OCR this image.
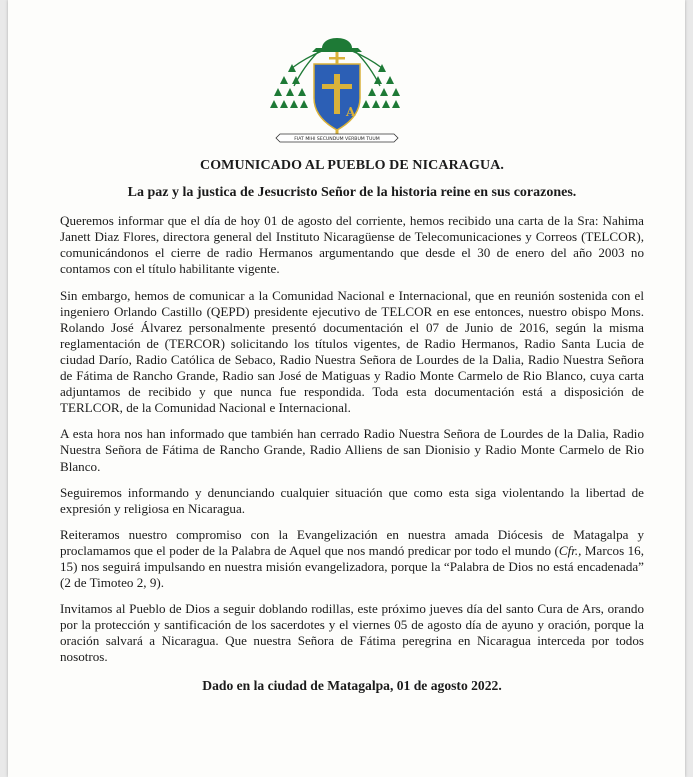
A
FIAT MIHI SECUNDUM VERBUM TUUM
COMUNICADO AL PUEBLO DE NICARAGUA.
La paz y la justica de Jesucristo Señor de la historia reine en sus corazones.

Queremos informar que el día de hoy 01 de agosto del corriente, hemos recibido una carta de la Sra: Nahima Janett Diaz Flores, directora general del Instituto Nicaragüense de Telecomunicaciones y Correos (TELCOR), comunicándonos el cierre de radio Hermanos argumentando que desde el 30 de enero del año 2003 no contamos con el título habilitante vigente.

Sin embargo, hemos de comunicar a la Comunidad Nacional e Internacional, que en reunión sostenida con el ingeniero Orlando Castillo (QEPD) presidente ejecutivo de TELCOR en ese entonces, nuestro obispo Mons. Rolando José Álvarez personalmente presentó documentación el 07 de Junio de 2016, según la misma reglamentación de (TERCOR) solicitando los títulos vigentes, de Radio Hermanos, Radio Santa Lucia de ciudad Darío, Radio Católica de Sebaco, Radio Nuestra Señora de Lourdes de la Dalia, Radio Nuestra Señora de Fátima de Rancho Grande, Radio san José de Matiguas y Radio Monte Carmelo de Rio Blanco, cuya carta adjuntamos de recibido y que nunca fue respondida. Toda esta documentación está a disposición de TERLCOR, de la Comunidad Nacional e Internacional.

A esta hora nos han informado que también han cerrado Radio Nuestra Señora de Lourdes de la Dalia, Radio Nuestra Señora de Fátima de Rancho Grande, Radio Alliens de san Dionisio y Radio Monte Carmelo de Rio Blanco.

Seguiremos informando y denunciando cualquier situación que como esta siga violentando la libertad de expresión y religiosa en Nicaragua.

Reiteramos nuestro compromiso con la Evangelización en nuestra amada Diócesis de Matagalpa y proclamamos que el poder de la Palabra de Aquel que nos mandó predicar por todo el mundo (Cfr., Marcos 16, 15) nos seguirá impulsando en nuestra misión evangelizadora, porque la “Palabra de Dios no está encadenada” (2 de Timoteo 2, 9).

Invitamos al Pueblo de Dios a seguir doblando rodillas, este próximo jueves día del santo Cura de Ars, orando por la protección y santificación de los sacerdotes y el viernes 05 de agosto día de ayuno y oración, porque la oración salvará a Nicaragua. Que nuestra Señora de Fátima peregrina en Nicaragua interceda por todos nosotros.

Dado en la ciudad de Matagalpa, 01 de agosto 2022.
